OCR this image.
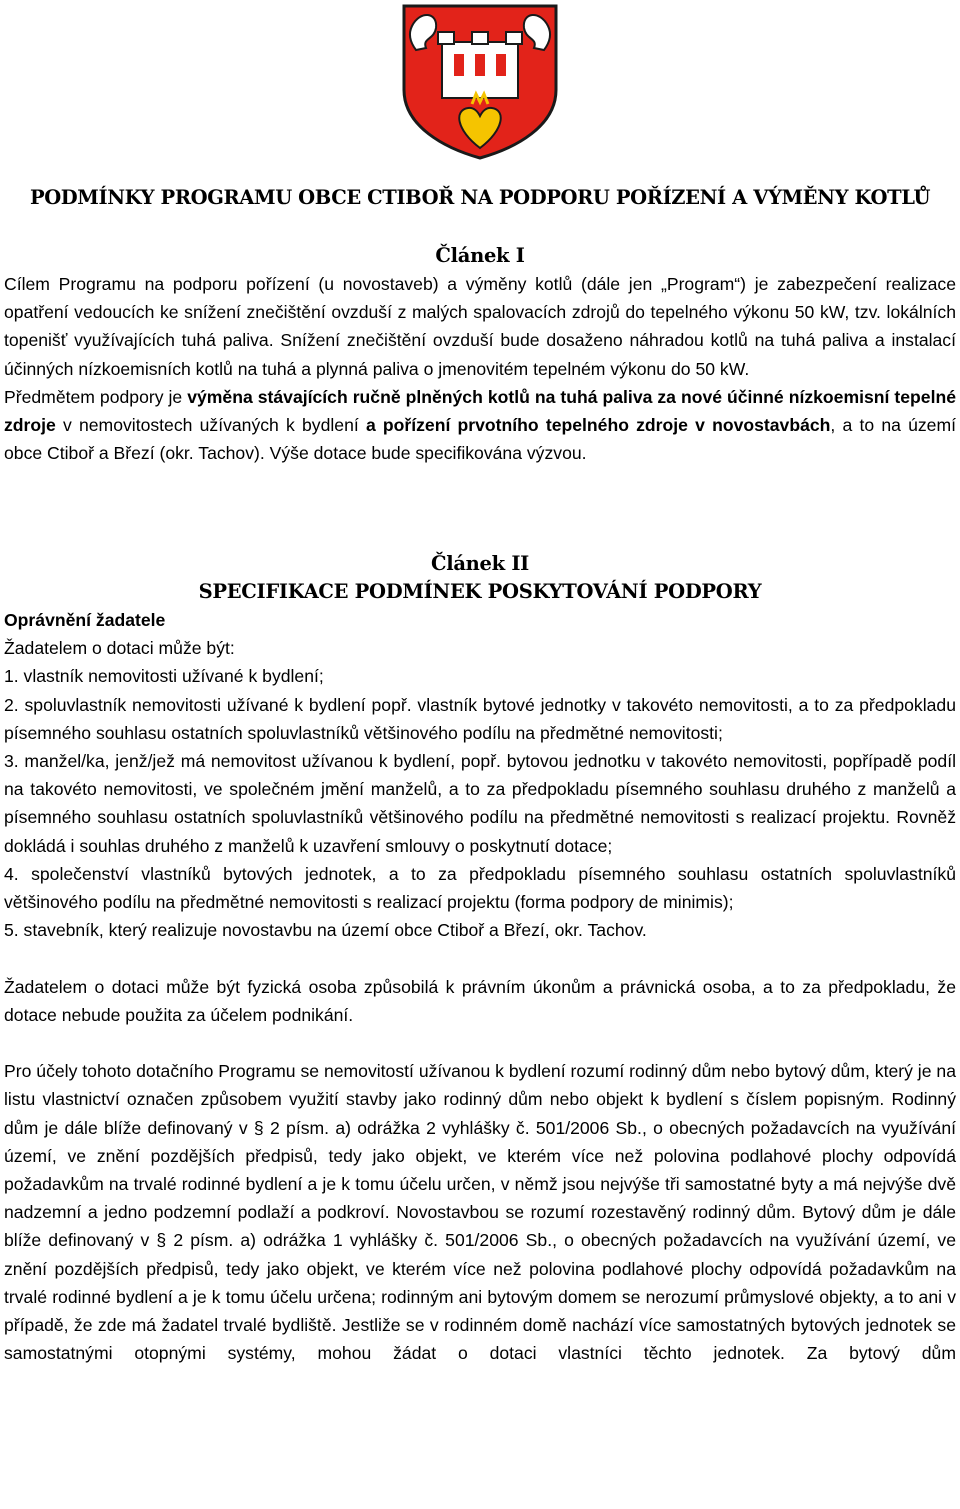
PODMÍNKY PROGRAMU OBCE CTIBOŘ NA PODPORU POŘÍZENÍ A VÝMĚNY KOTLŮ
Článek I

Cílem Programu na podporu pořízení (u novostaveb) a výměny kotlů (dále jen „Program“) je zabezpečení realizace opatření vedoucích ke snížení znečištění ovzduší z malých spalovacích zdrojů do tepelného výkonu 50 kW, tzv. lokálních topenišť využívajících tuhá paliva. Snížení znečištění ovzduší bude dosaženo náhradou kotlů na tuhá paliva a instalací účinných nízkoemisních kotlů na tuhá a plynná paliva o jmenovitém tepelném výkonu do 50 kW.

Předmětem podpory je výměna stávajících ručně plněných kotlů na tuhá paliva za nové účinné nízkoemisní tepelné zdroje v nemovitostech užívaných k bydlení a pořízení prvotního tepelného zdroje v novostavbách, a to na území obce Ctiboř a Březí (okr. Tachov). Výše dotace bude specifikována výzvou.

Článek II
SPECIFIKACE PODMÍNEK POSKYTOVÁNÍ PODPORY

Oprávnění žadatele

Žadatelem o dotaci může být:

1. vlastník nemovitosti užívané k bydlení;

2. spoluvlastník nemovitosti užívané k bydlení popř. vlastník bytové jednotky v takovéto nemovitosti, a to za předpokladu písemného souhlasu ostatních spoluvlastníků většinového podílu na předmětné nemovitosti;

3. manžel/ka, jenž/jež má nemovitost užívanou k bydlení, popř. bytovou jednotku v takovéto nemovitosti, popřípadě podíl na takovéto nemovitosti, ve společném jmění manželů, a to za předpokladu písemného souhlasu druhého z manželů a písemného souhlasu ostatních spoluvlastníků většinového podílu na předmětné nemovitosti s realizací projektu. Rovněž dokládá i souhlas druhého z manželů k uzavření smlouvy o poskytnutí dotace;

4. společenství vlastníků bytových jednotek, a to za předpokladu písemného souhlasu ostatních spoluvlastníků většinového podílu na předmětné nemovitosti s realizací projektu (forma podpory de minimis);

5. stavebník, který realizuje novostavbu na území obce Ctiboř a Březí, okr. Tachov.

Žadatelem o dotaci může být fyzická osoba způsobilá k právním úkonům a právnická osoba, a to za předpokladu, že dotace nebude použita za účelem podnikání.

Pro účely tohoto dotačního Programu se nemovitostí užívanou k bydlení rozumí rodinný dům nebo bytový dům, který je na listu vlastnictví označen způsobem využití stavby jako rodinný dům nebo objekt k bydlení s číslem popisným. Rodinný dům je dále blíže definovaný v § 2 písm. a) odrážka 2 vyhlášky č. 501/2006 Sb., o obecných požadavcích na využívání území, ve znění pozdějších předpisů, tedy jako objekt, ve kterém více než polovina podlahové plochy odpovídá požadavkům na trvalé rodinné bydlení a je k tomu účelu určen, v němž jsou nejvýše tři samostatné byty a má nejvýše dvě nadzemní a jedno podzemní podlaží a podkroví. Novostavbou se rozumí rozestavěný rodinný dům. Bytový dům je dále blíže definovaný v § 2 písm. a) odrážka 1 vyhlášky č. 501/2006 Sb., o obecných požadavcích na využívání území, ve znění pozdějších předpisů, tedy jako objekt, ve kterém více než polovina podlahové plochy odpovídá požadavkům na trvalé rodinné bydlení a je k tomu účelu určena; rodinným ani bytovým domem se nerozumí průmyslové objekty, a to ani v případě, že zde má žadatel trvalé bydliště. Jestliže se v rodinném domě nachází více samostatných bytových jednotek se samostatnými otopnými systémy, mohou žádat o dotaci vlastníci těchto jednotek. Za bytový dům
